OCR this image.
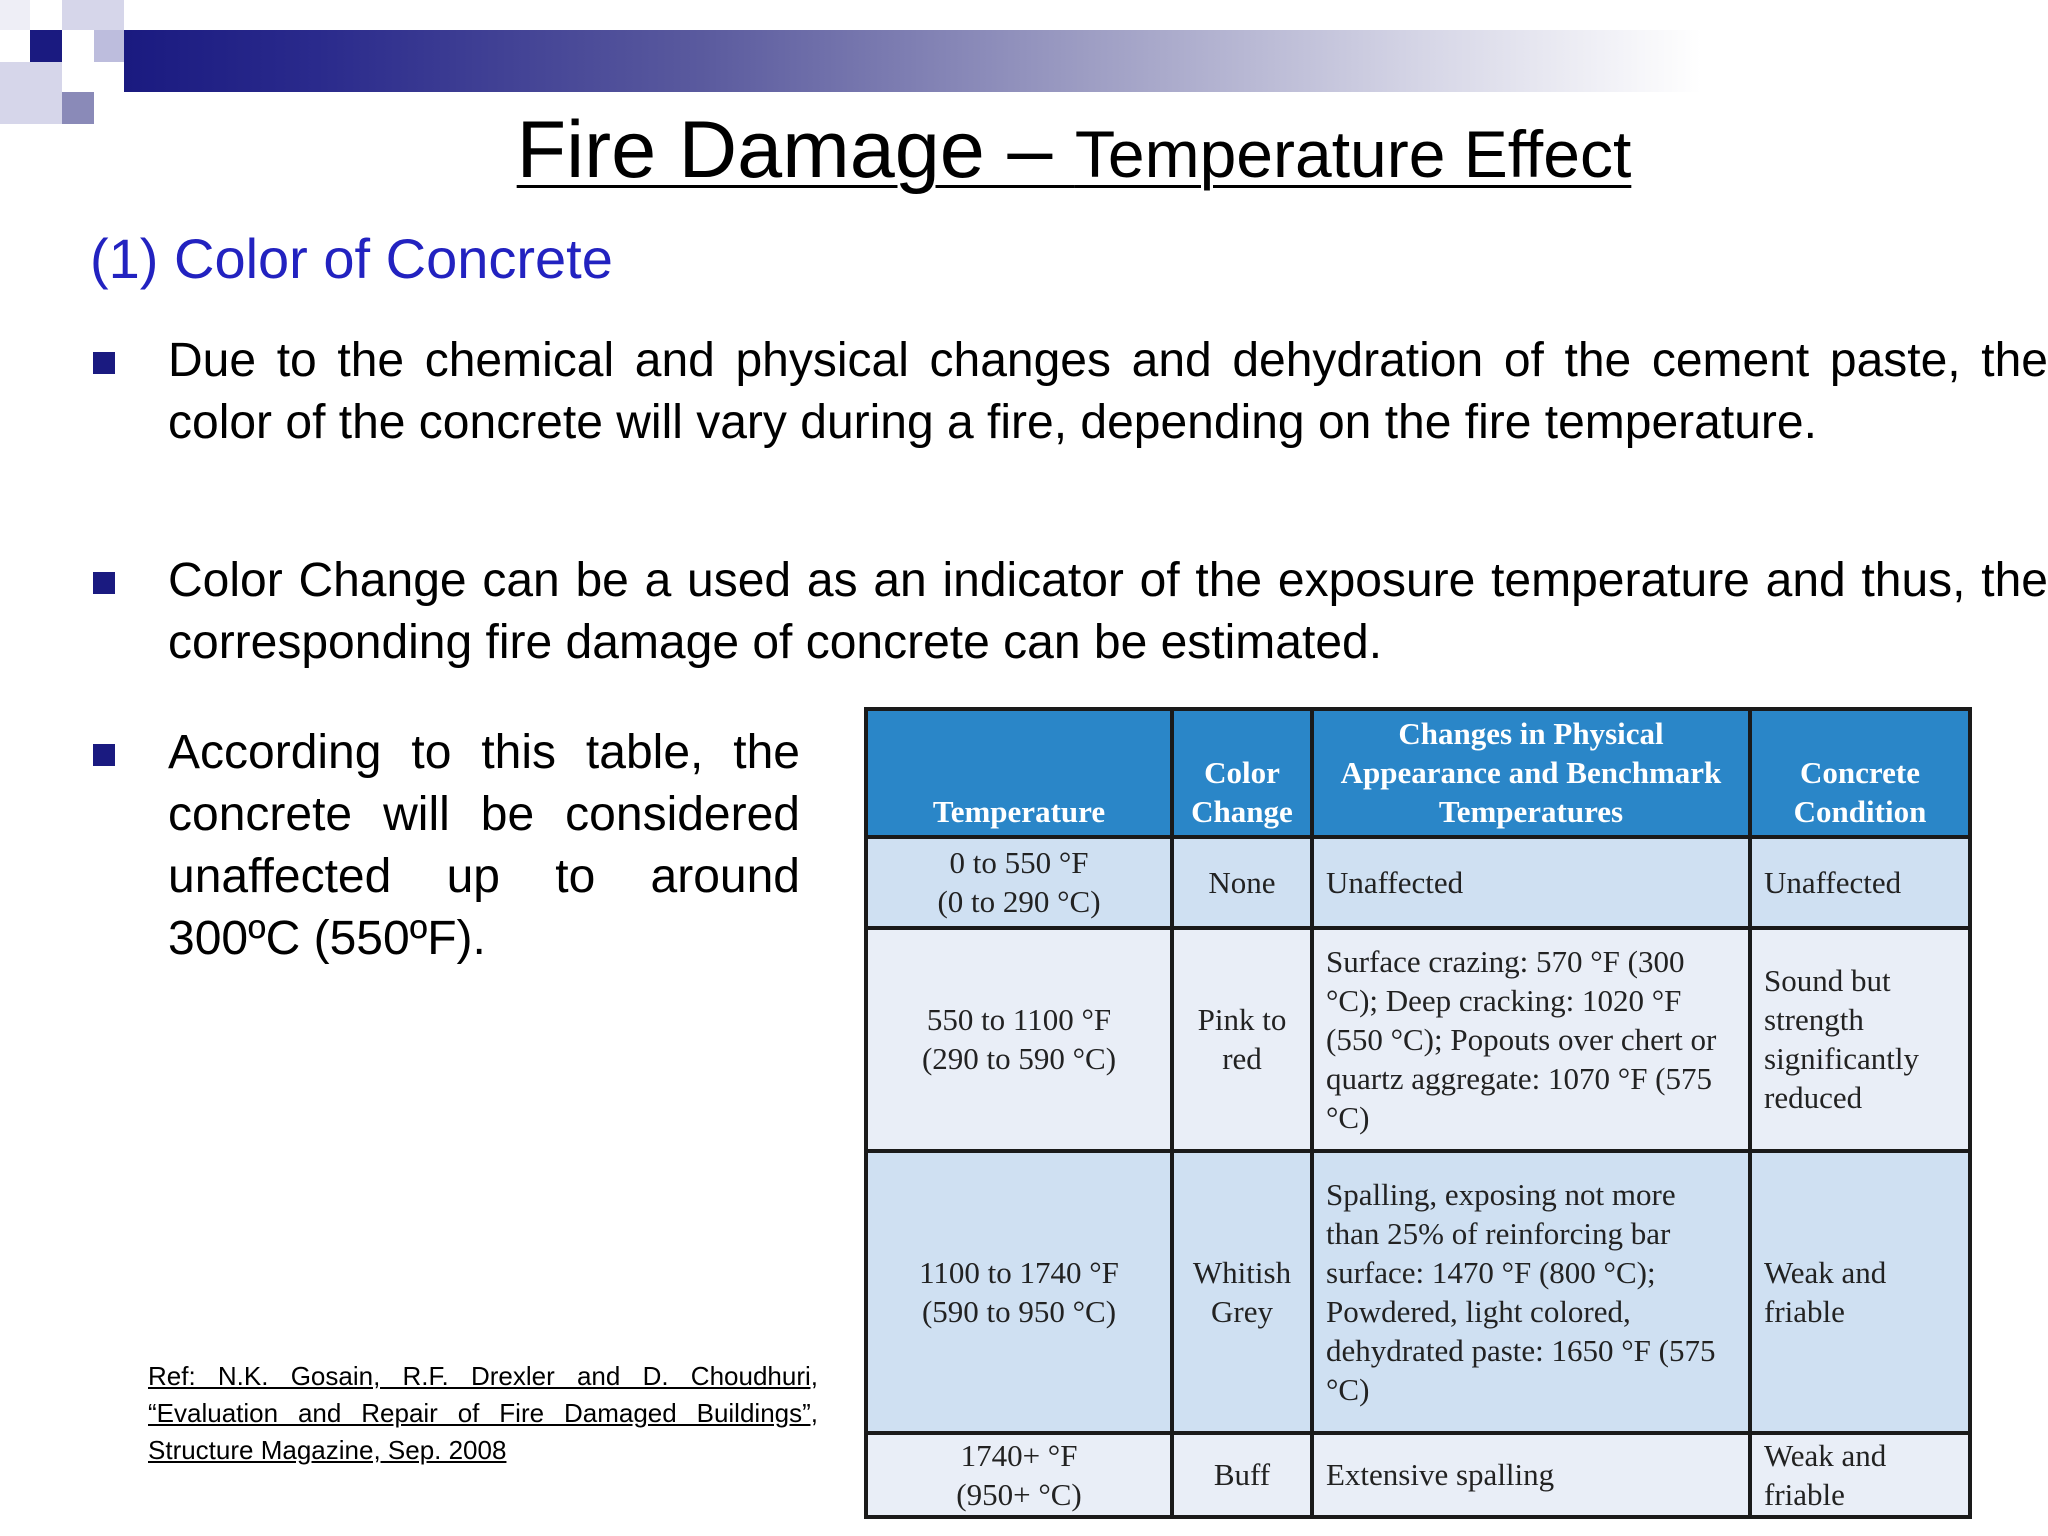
Fire Damage – Temperature Effect
(1) Color of Concrete
Due to the chemical and physical changes and dehydration of the cement paste, the color of the concrete will vary during a fire, depending on the fire temperature.
Color Change can be a used as an indicator of the exposure temperature and thus, the corresponding fire damage of concrete can be estimated.
According to this table, the concrete will be considered unaffected up to around 300ºC (550ºF).
Ref: N.K. Gosain, R.F. Drexler and D. Choudhuri, “Evaluation and Repair of Fire Damaged Buildings”, Structure Magazine, Sep. 2008
Temperature	Color Change	Changes in Physical Appearance and Benchmark Temperatures	Concrete Condition

0 to 550 °F
(0 to 290 °C)	None	Unaffected	Unaffected

550 to 1100 °F
(290 to 590 °C)	Pink to red	Surface crazing: 570 °F (300 °C); Deep cracking: 1020 °F (550 °C); Popouts over chert or quartz aggregate: 1070 °F (575 °C)	Sound but strength significantly reduced

1100 to 1740 °F
(590 to 950 °C)	Whitish Grey	Spalling, exposing not more than 25% of reinforcing bar surface: 1470 °F (800 °C); Powdered, light colored, dehydrated paste: 1650 °F (575 °C)	Weak and friable

1740+ °F
(950+ °C)	Buff	Extensive spalling	Weak and friable
